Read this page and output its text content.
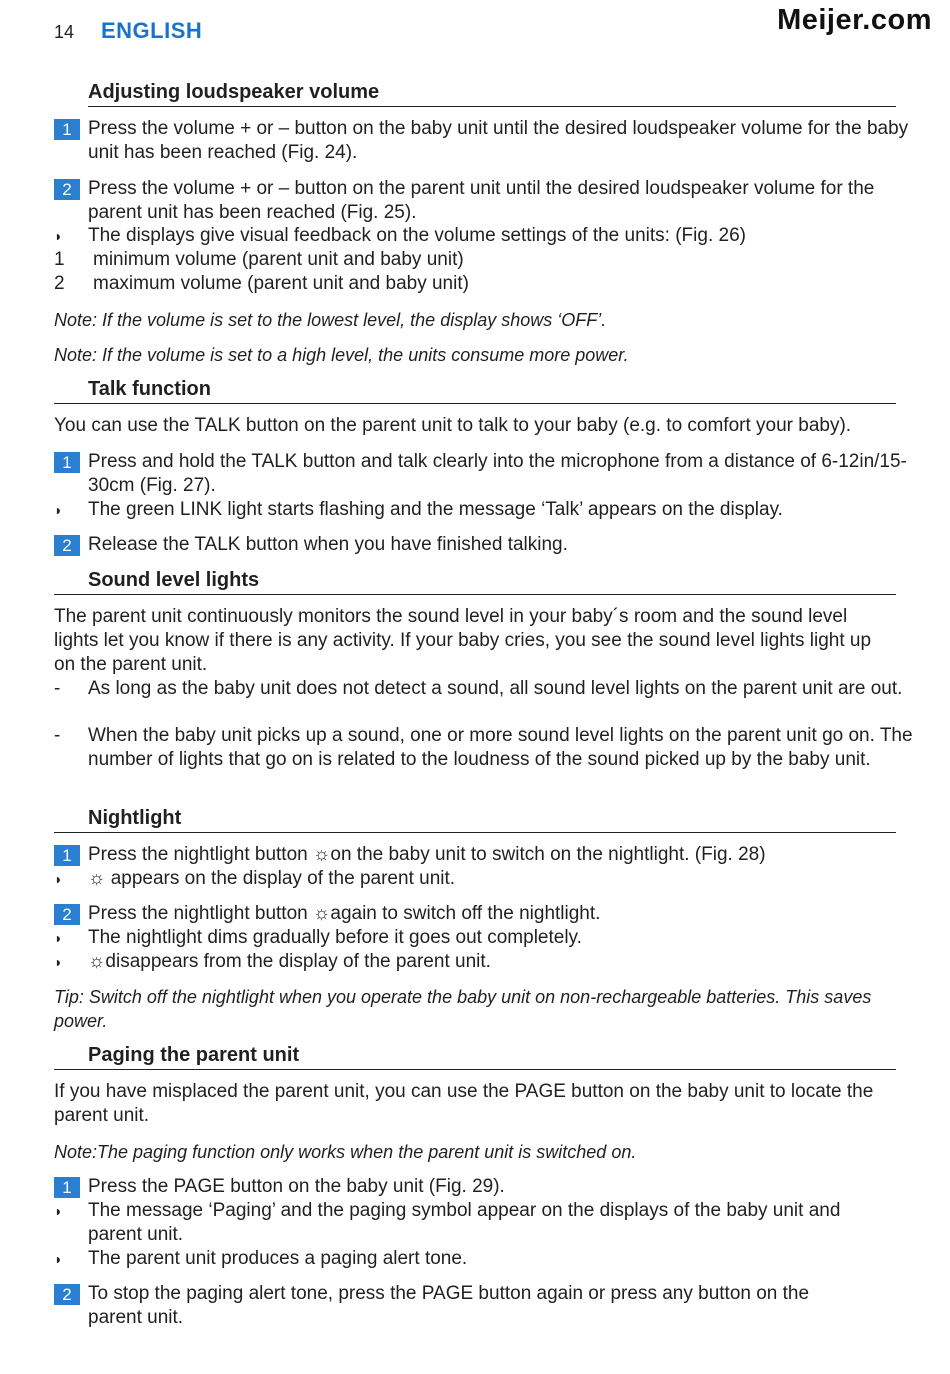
14 ENGLISH	Meijer.com
Adjusting loudspeaker volume
1 Press the volume + or – button on the baby unit until the desired loudspeaker volume for the baby unit has been reached (Fig. 24).
2 Press the volume + or – button on the parent unit until the desired loudspeaker volume for the parent unit has been reached (Fig. 25).
◗ The displays give visual feedback on the volume settings of the units: (Fig. 26)
1 minimum volume (parent unit and baby unit)
2 maximum volume (parent unit and baby unit)
Note: If the volume is set to the lowest level, the display shows ‘OFF’.
Note: If the volume is set to a high level, the units consume more power.
Talk function
You can use the TALK button on the parent unit to talk to your baby (e.g. to comfort your baby).
1 Press and hold the TALK button and talk clearly into the microphone from a distance of 6-12in/15-30cm (Fig. 27).
◗ The green LINK light starts flashing and the message ‘Talk’ appears on the display.
2 Release the TALK button when you have finished talking.
Sound level lights
The parent unit continuously monitors the sound level in your baby´s room and the sound level lights let you know if there is any activity. If your baby cries, you see the sound level lights light up on the parent unit.
- As long as the baby unit does not detect a sound, all sound level lights on the parent unit are out.
- When the baby unit picks up a sound, one or more sound level lights on the parent unit go on. The number of lights that go on is related to the loudness of the sound picked up by the baby unit.
Nightlight
1 Press the nightlight button ☼on the baby unit to switch on the nightlight. (Fig. 28)
◗ ☼ appears on the display of the parent unit.
2 Press the nightlight button ☼again to switch off the nightlight.
◗ The nightlight dims gradually before it goes out completely.
◗ ☼disappears from the display of the parent unit.
Tip: Switch off the nightlight when you operate the baby unit on non-rechargeable batteries. This saves power.
Paging the parent unit
If you have misplaced the parent unit, you can use the PAGE button on the baby unit to locate the parent unit.
Note:The paging function only works when the parent unit is switched on.
1 Press the PAGE button on the baby unit (Fig. 29).
◗ The message ‘Paging’ and the paging symbol appear on the displays of the baby unit and parent unit.
◗ The parent unit produces a paging alert tone.
2 To stop the paging alert tone, press the PAGE button again or press any button on the parent unit.
